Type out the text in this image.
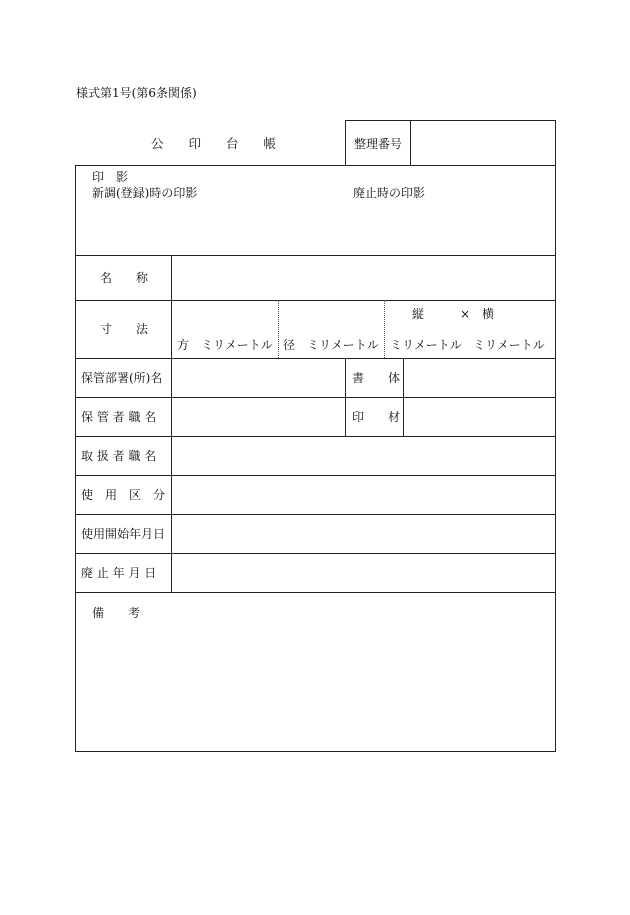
様式第1号(第6条関係)
公　　印　　台　　帳	整理番号
印　影
新調(登録)時の印影	廃止時の印影
名　　称
寸　　法
保管部署(所)名
保 管 者 職 名
取 扱 者 職 名
使　用　区　分
使用開始年月日
廃 止 年 月 日
備　　考
方　ミリメートル 径　ミリメートル
縦　　　×　横
ミリメートル ミリメートル
書　　体
印　　材
